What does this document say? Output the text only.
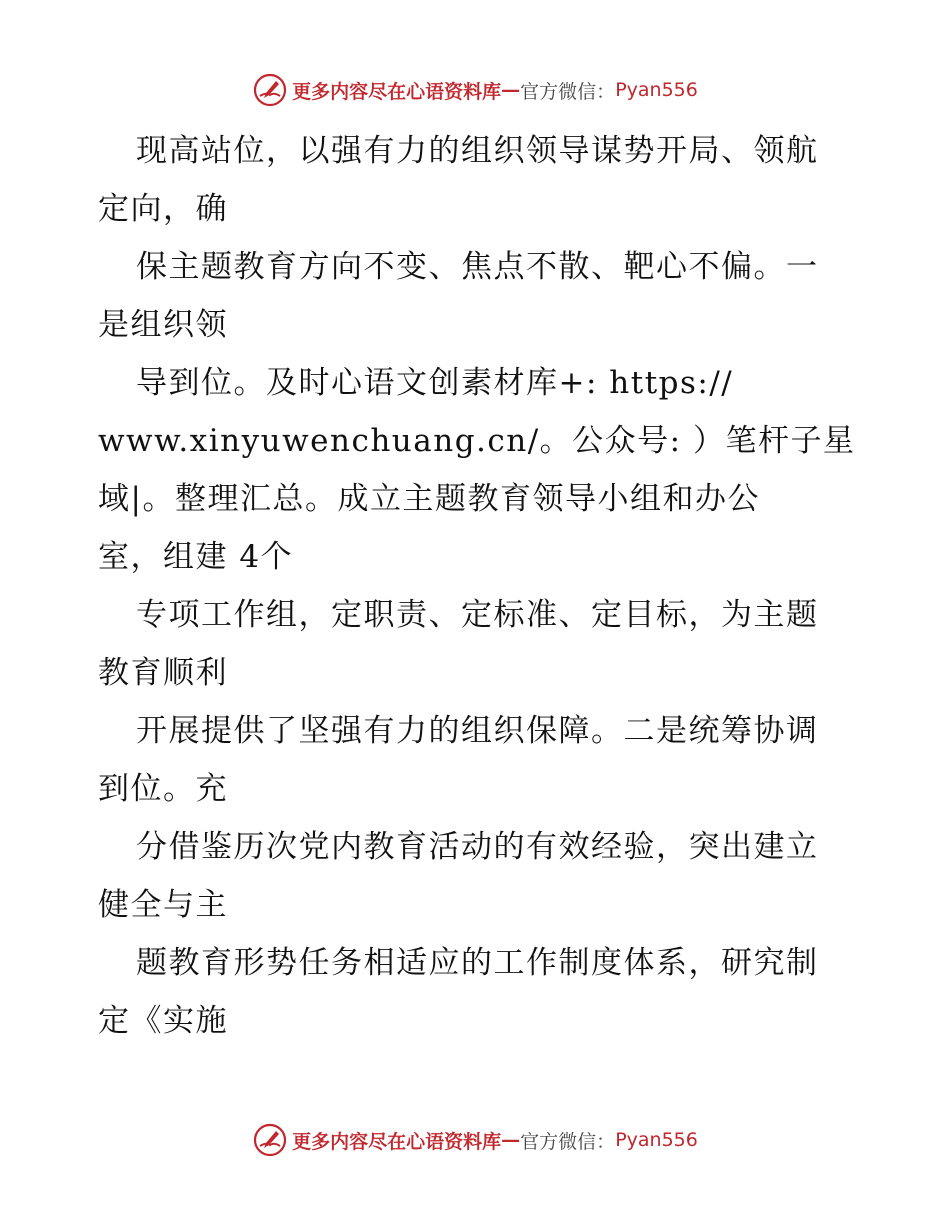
更多内容尽在心语资料库 — 官方微信： Pyan556
现高站位，以强有力的组织领导谋势开局、领航
定向，确
保主题教育方向不变、焦点不散、靶心不偏。一
是组织领
导到位。及时心语文创素材库+: https://
www.xinyuwenchuang.cn/。公众号: ）笔杆子星
域|。整理汇总。成立主题教育领导小组和办公
室，组建 4个
专项工作组，定职责、定标准、定目标，为主题
教育顺利
开展提供了坚强有力的组织保障。二是统筹协调
到位。充
分借鉴历次党内教育活动的有效经验，突出建立
健全与主
题教育形势任务相适应的工作制度体系，研究制
定《实施
更多内容尽在心语资料库 — 官方微信： Pyan556
